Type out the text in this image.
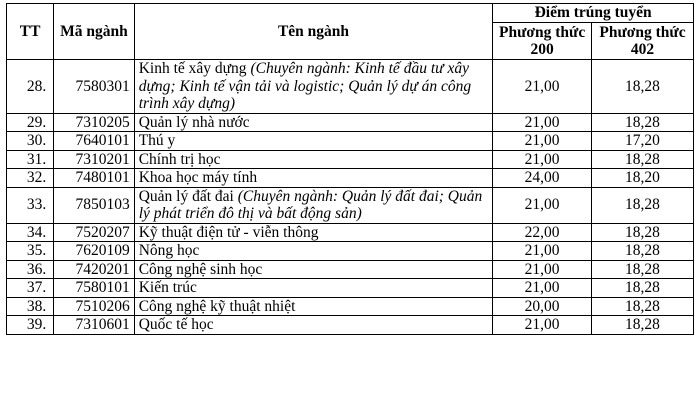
TT	Mã ngành	Tên ngành	Điểm trúng tuyển	
			Phương thức 200	Phương thức 402
28.	7580301	Kinh tế xây dựng (Chuyên ngành: Kinh tế đầu tư xây dựng; Kinh tế vận tải và logistic; Quản lý dự án công trình xây dựng)	21,00	18,28
29.	7310205	Quản lý nhà nước	21,00	18,28
30.	7640101	Thú y	21,00	17,20
31.	7310201	Chính trị học	21,00	18,28
32.	7480101	Khoa học máy tính	24,00	18,20
33.	7850103	Quản lý đất đai (Chuyên ngành: Quản lý đất đai; Quản lý phát triển đô thị và bất động sản)	21,00	18,28
34.	7520207	Kỹ thuật điện tử - viễn thông	22,00	18,28
35.	7620109	Nông học	21,00	18,28
36.	7420201	Công nghệ sinh học	21,00	18,28
37.	7580101	Kiến trúc	21,00	18,28
38.	7510206	Công nghệ kỹ thuật nhiệt	20,00	18,28
39.	7310601	Quốc tế học	21,00	18,28
